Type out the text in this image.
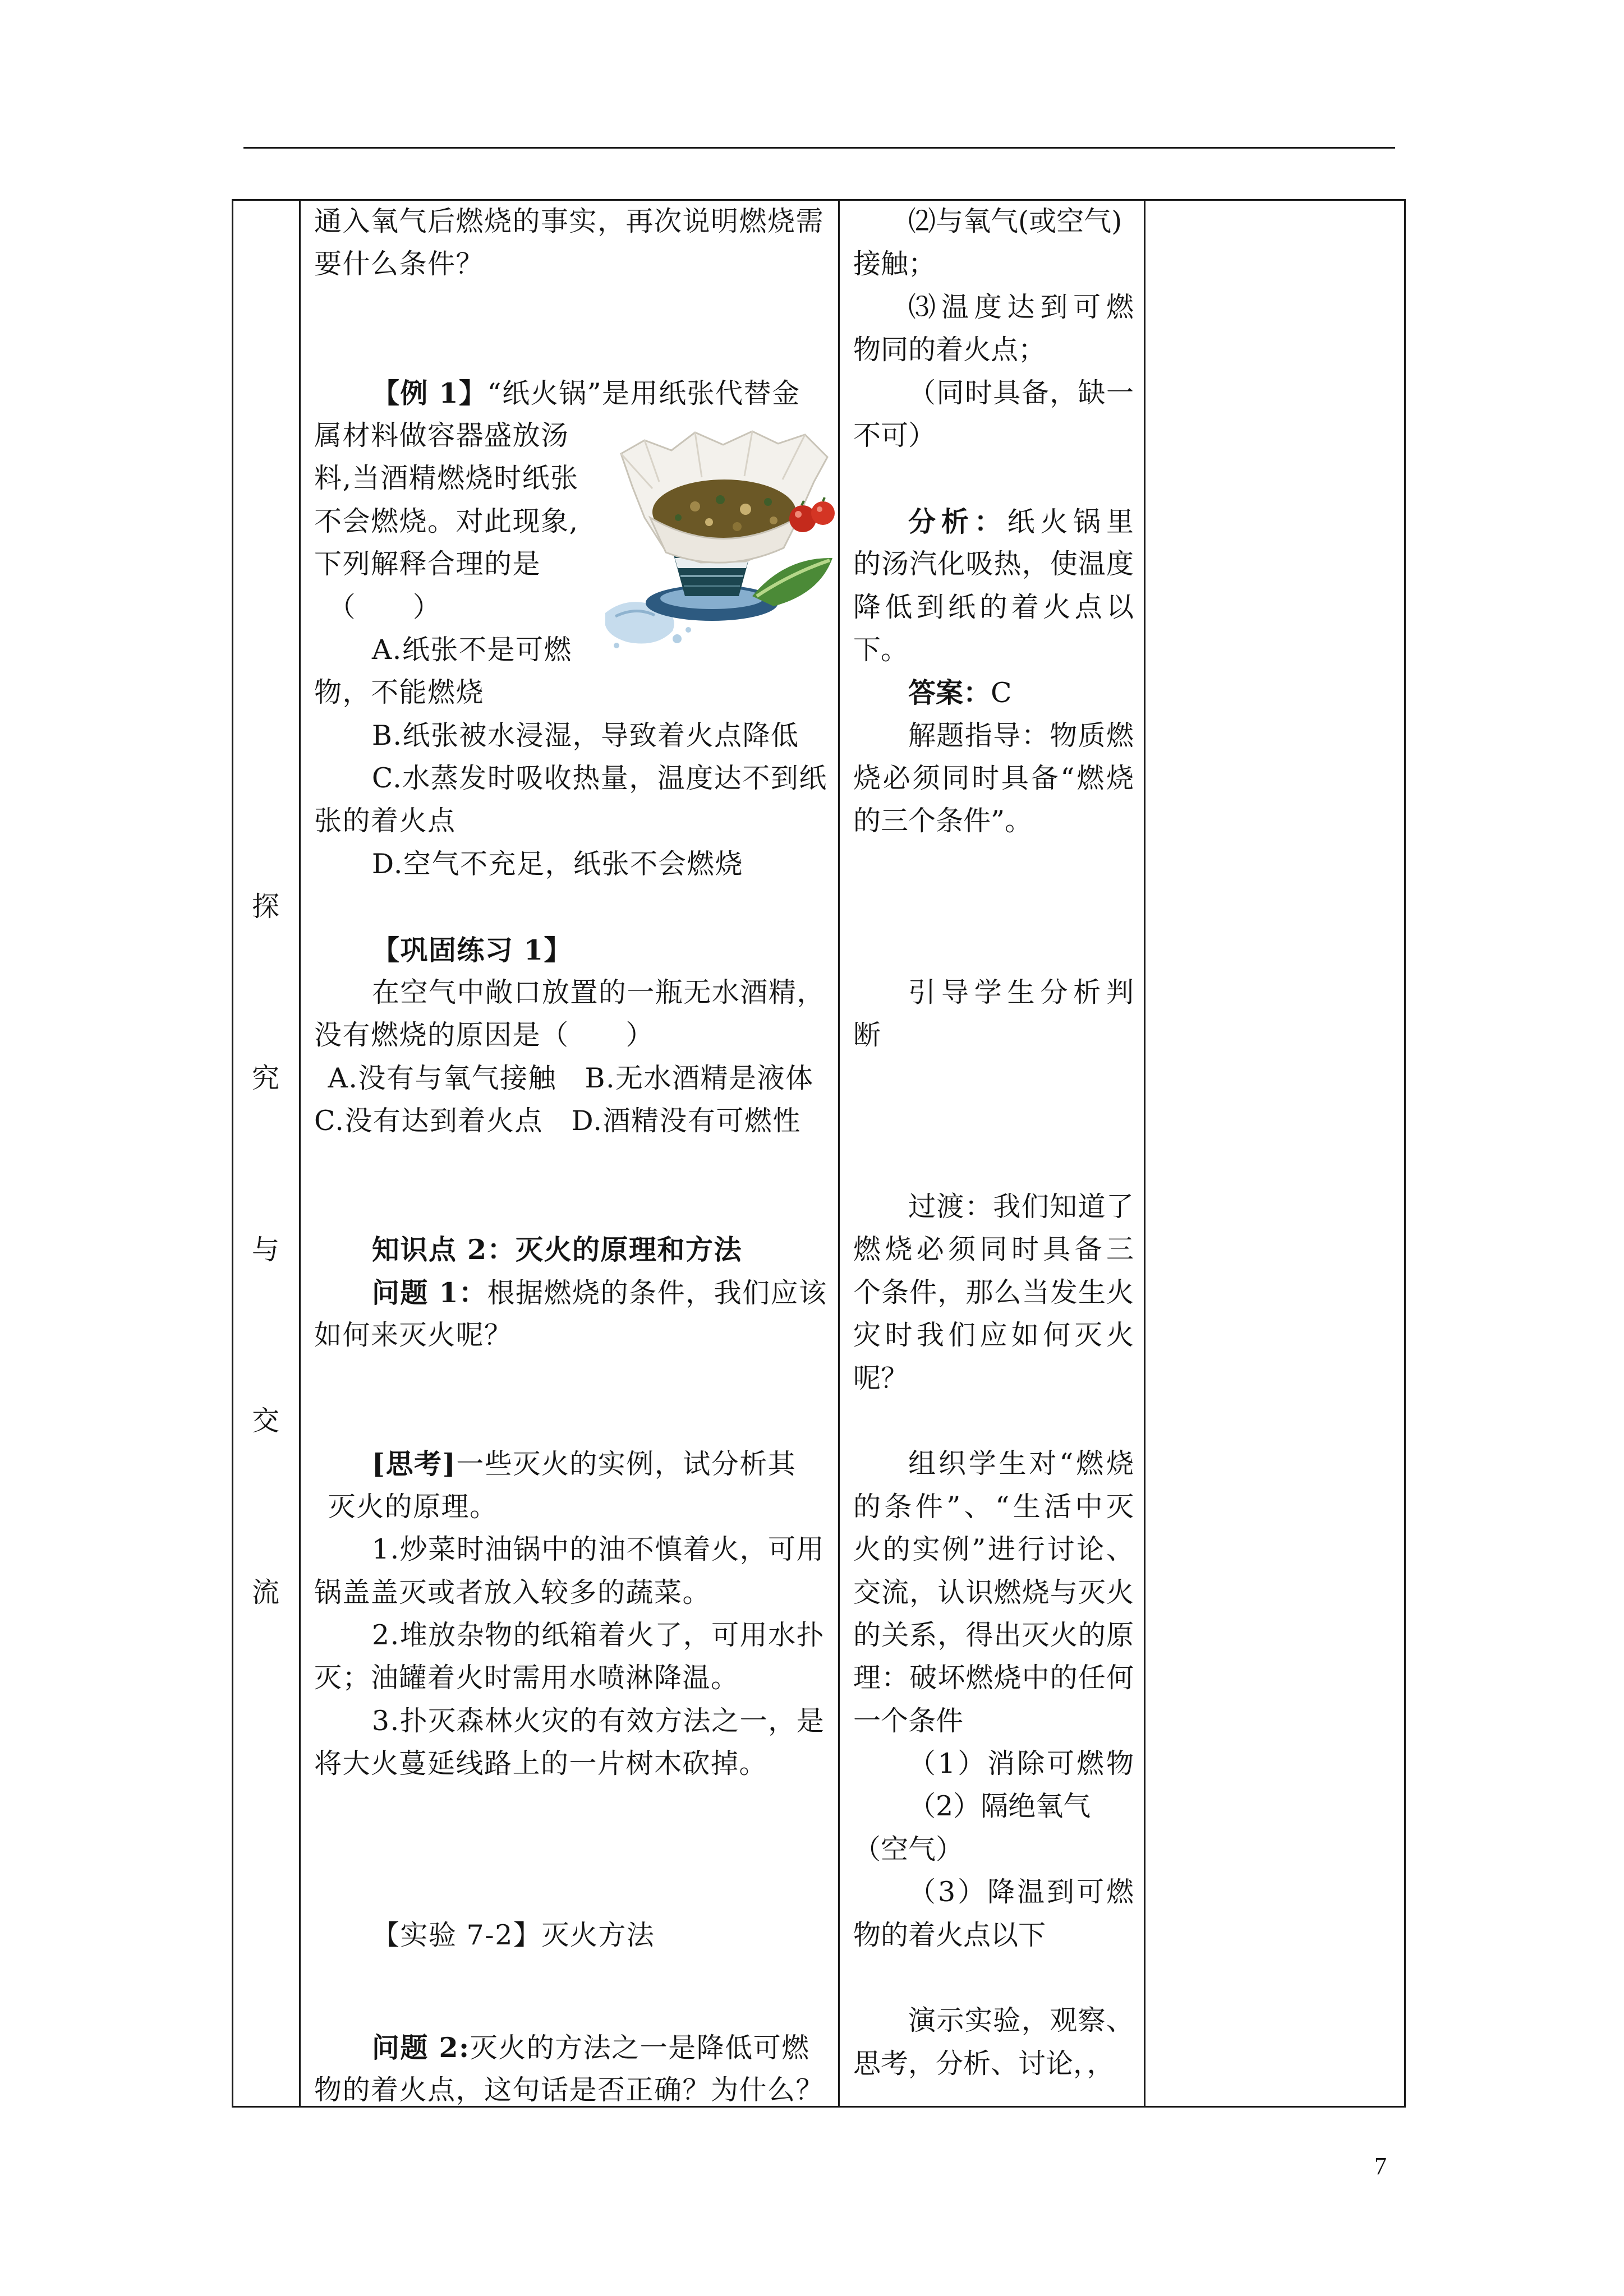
探
究
与
交
流
通入氧气后燃烧的事实，再次说明燃烧需
要什么条件？
【例 1】“纸火锅”是用纸张代替金
属材料做容器盛放汤
料,当酒精燃烧时纸张
不会燃烧。对此现象,
下列解释合理的是
（　　）
A.纸张不是可燃
物，不能燃烧
B.纸张被水浸湿，导致着火点降低
C.水蒸发时吸收热量，温度达不到纸
张的着火点
D.空气不充足，纸张不会燃烧
【巩固练习 1】
在空气中敞口放置的一瓶无水酒精，
没有燃烧的原因是（　　）
A.没有与氧气接触　B.无水酒精是液体
C.没有达到着火点　D.酒精没有可燃性
知识点 2：灭火的原理和方法
问题 1：根据燃烧的条件，我们应该
如何来灭火呢？
[思考]一些灭火的实例，试分析其
灭火的原理。
1.炒菜时油锅中的油不慎着火，可用
锅盖盖灭或者放入较多的蔬菜。
2.堆放杂物的纸箱着火了，可用水扑
灭；油罐着火时需用水喷淋降温。
3.扑灭森林火灾的有效方法之一，是
将大火蔓延线路上的一片树木砍掉。
【实验 7-2】灭火方法
问题 2:灭火的方法之一是降低可燃
物的着火点，这句话是否正确？为什么？
⑵与氧气(或空气)
接触；
⑶温度达到可燃
物同的着火点；
（同时具备，缺一
不可）
分析：纸火锅里
的汤汽化吸热，使温度
降低到纸的着火点以
下。
答案：C
解题指导：物质燃
烧必须同时具备“燃烧
的三个条件”。
引导学生分析判
断
过渡：我们知道了
燃烧必须同时具备三
个条件，那么当发生火
灾时我们应如何灭火
呢？
组织学生对“燃烧
的条件”、“生活中灭
火的实例”进行讨论、
交流，认识燃烧与灭火
的关系，得出灭火的原
理：破坏燃烧中的任何
一个条件
（1）消除可燃物
（2）隔绝氧气
（空气）
（3）降温到可燃
物的着火点以下
演示实验，观察、
思考，分析、讨论，，
7
